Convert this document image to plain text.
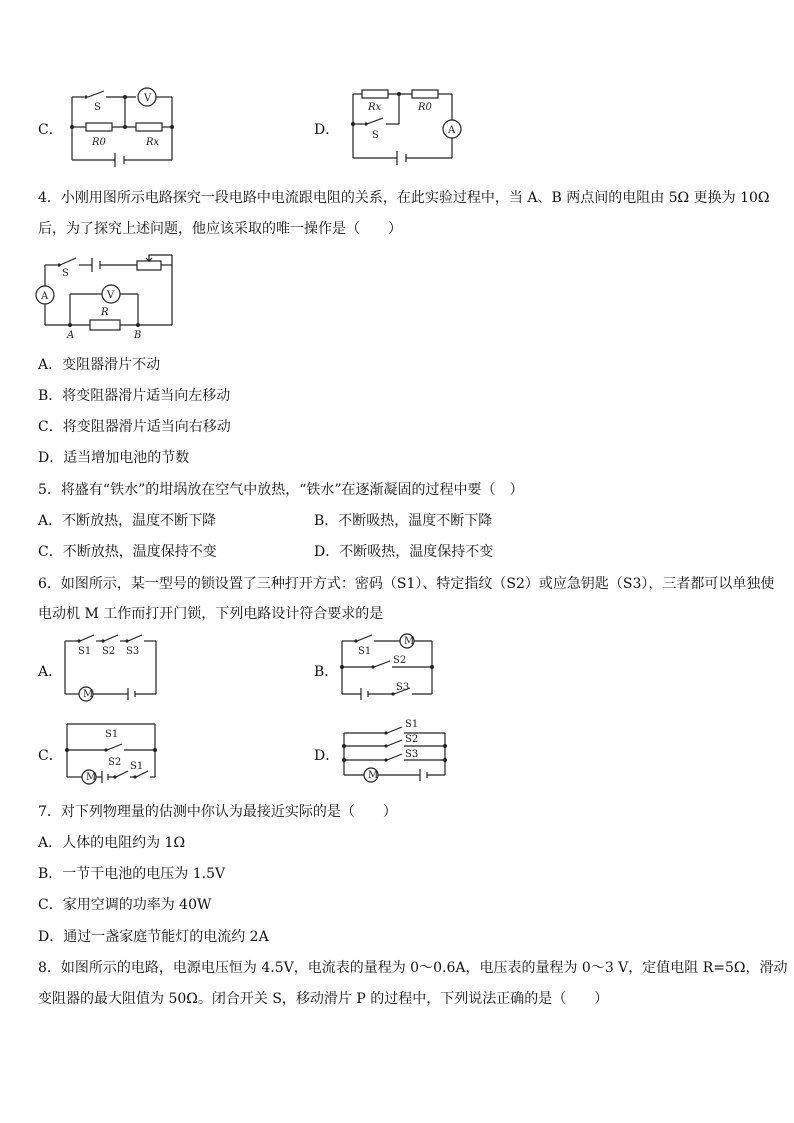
C．
S
V
R0	Rx
D．
Rx	R0
S	A
4．小刚用图所示电路探究一段电路中电流跟电阻的关系，在此实验过程中，当 A、B 两点间的电阻由 5Ω 更换为 10Ω
后，为了探究上述问题，他应该采取的唯一操作是（　　）
S
A	V
R
A	B
A．变阻器滑片不动
B．将变阻器滑片适当向左移动
C．将变阻器滑片适当向右移动
D．适当增加电池的节数
5．将盛有“铁水”的坩埚放在空气中放热，“铁水”在逐渐凝固的过程中要（　）
A．不断放热，温度不断下降	B．不断吸热，温度不断下降
C．不断放热，温度保持不变	D．不断吸热，温度保持不变
6．如图所示，某一型号的锁设置了三种打开方式：密码（S1）、特定指纹（S2）或应急钥匙（S3），三者都可以单独使
电动机 M 工作而打开门锁，下列电路设计符合要求的是
A．
M
S1 S2 S3
B．
M
S1
S2
S3
C．
M
S1
S2 S1
D．
M
S1
S2
S3
7．对下列物理量的估测中你认为最接近实际的是（　　）
A．人体的电阻约为 1Ω
B．一节干电池的电压为 1.5V
C．家用空调的功率为 40W
D．通过一盏家庭节能灯的电流约 2A
8．如图所示的电路，电源电压恒为 4.5V，电流表的量程为 0～0.6A，电压表的量程为 0～3 V，定值电阻 R=5Ω，滑动
变阻器的最大阻值为 50Ω。闭合开关 S，移动滑片 P 的过程中，下列说法正确的是（　　）
